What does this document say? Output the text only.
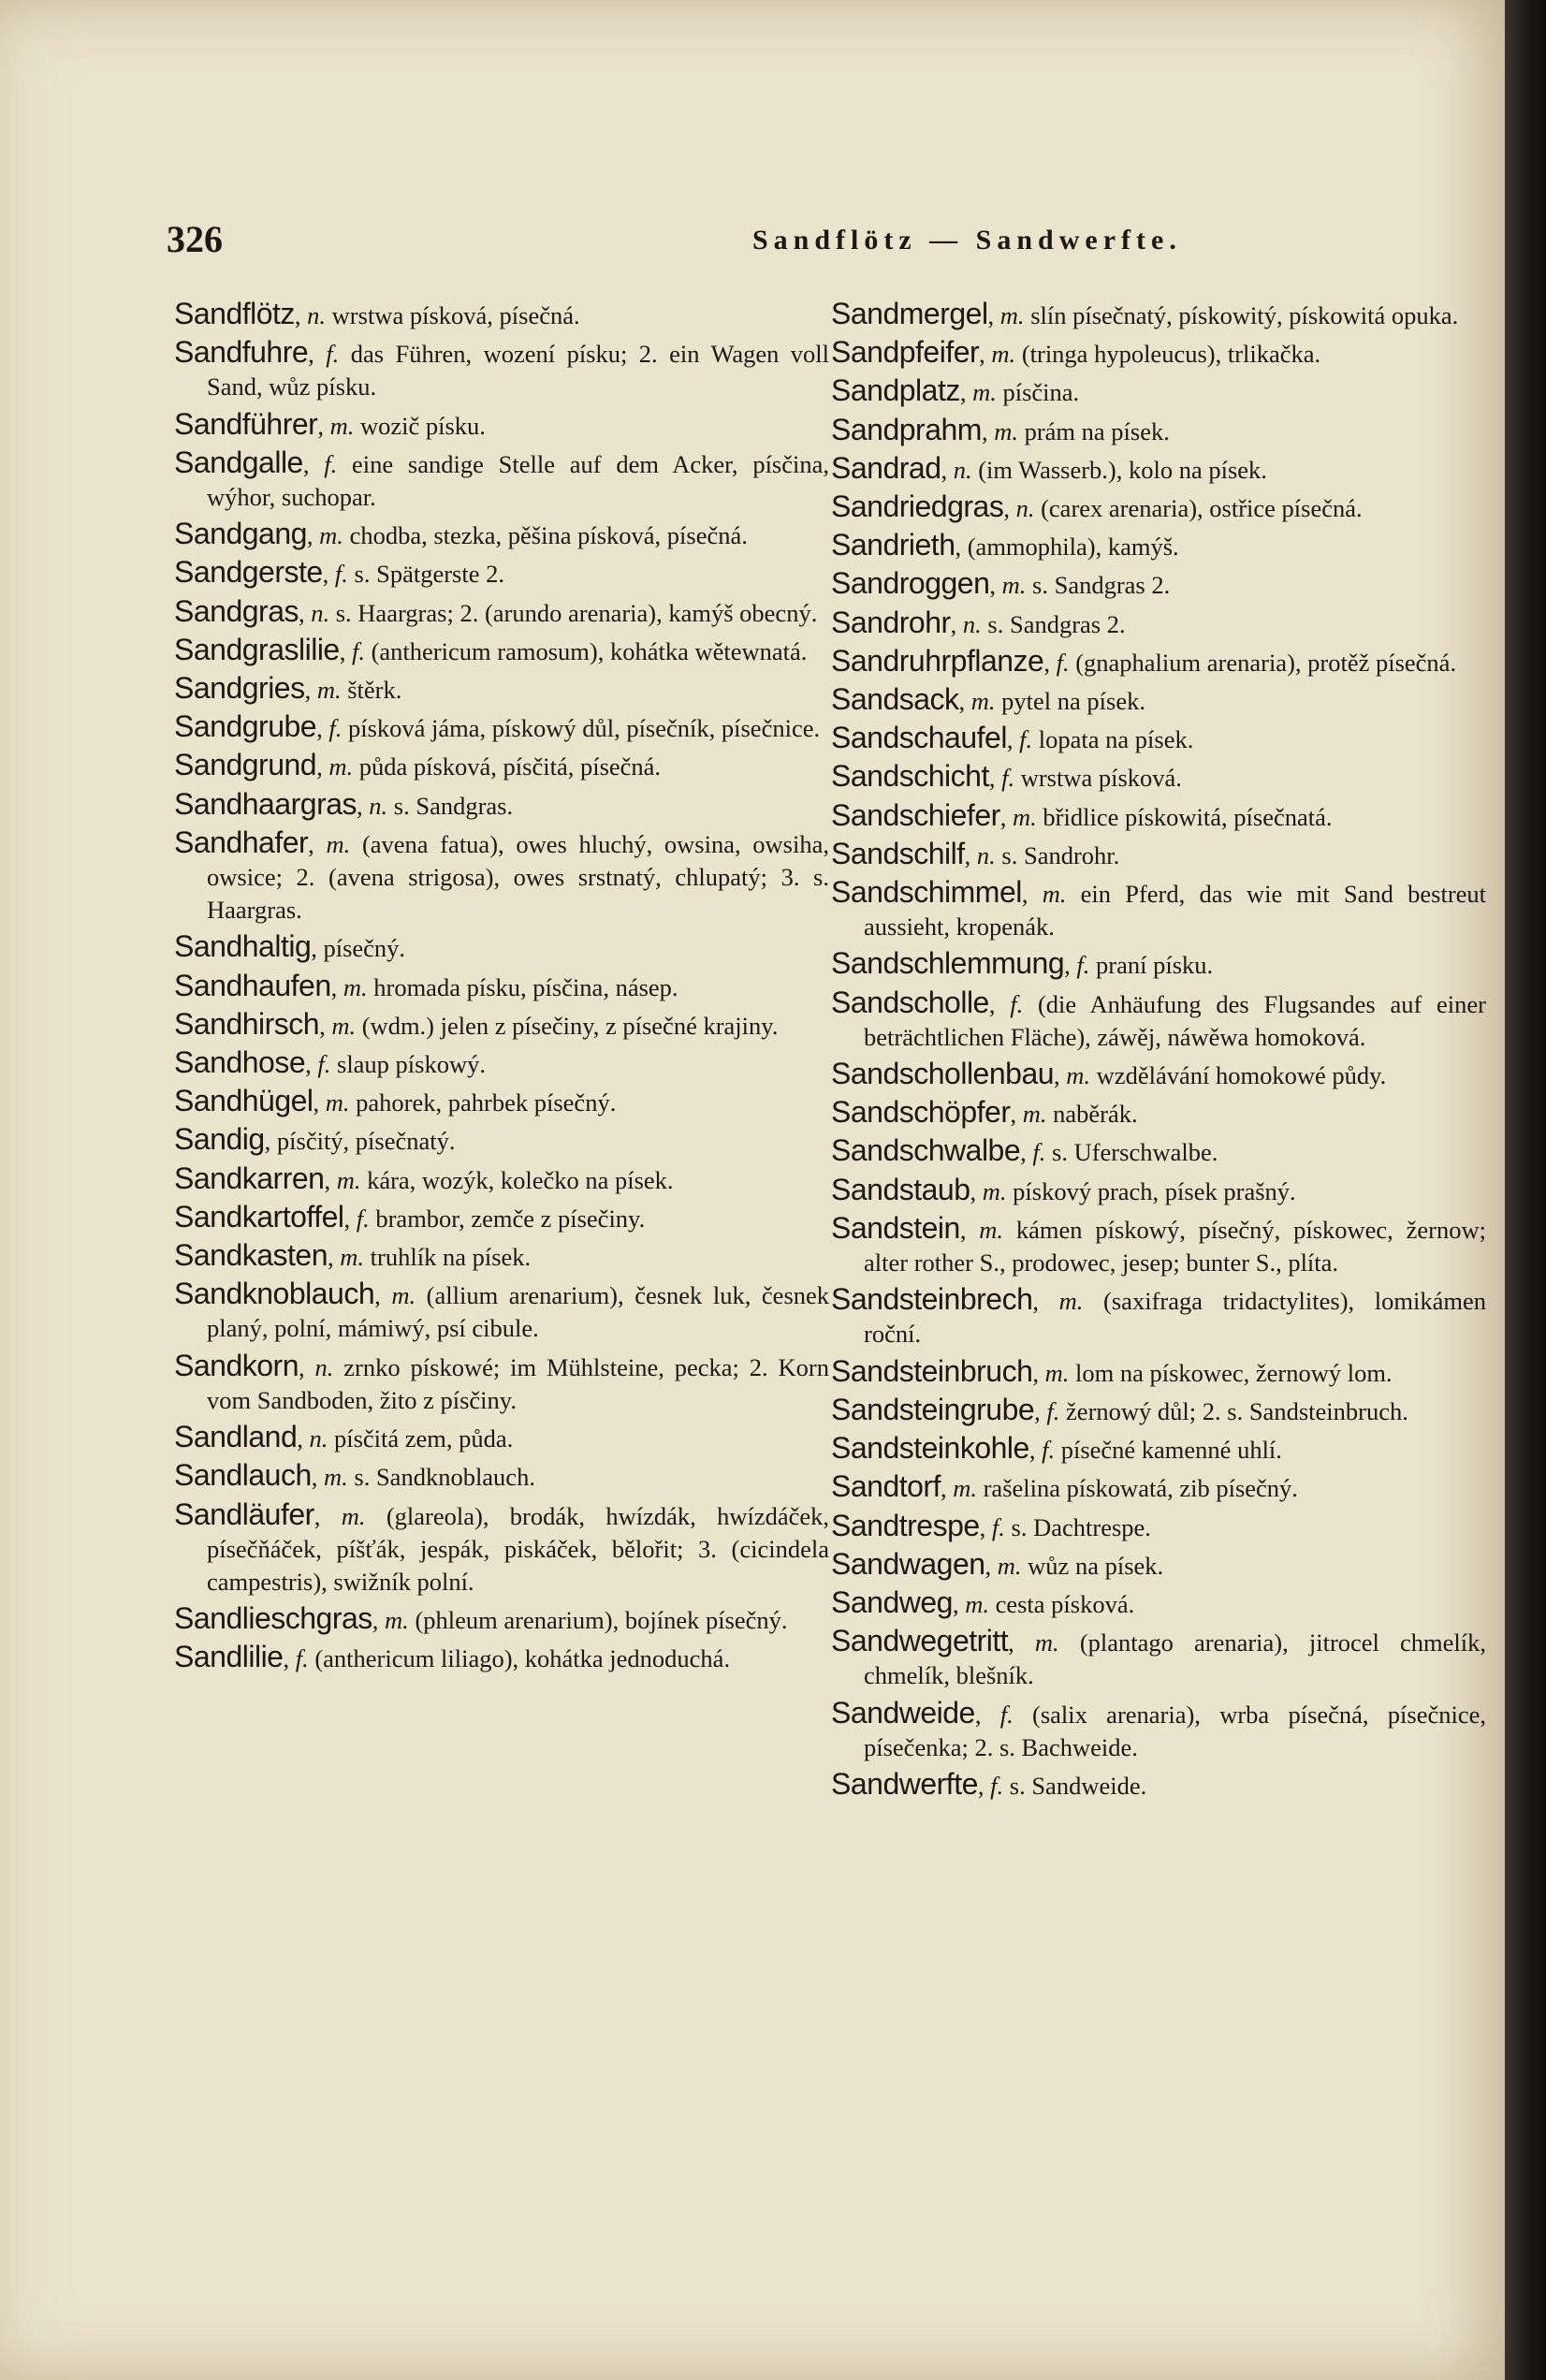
326	Sandflötz — Sandwerfte.
Sandflötz, n. wrstwa písková, písečná.
Sandfuhre, f. das Führen, wození písku; 2. ein Wagen voll Sand, wůz písku.
Sandführer, m. wozič písku.
Sandgalle, f. eine sandige Stelle auf dem Acker, písčina, wýhor, suchopar.
Sandgang, m. chodba, stezka, pěšina písková, písečná.
Sandgerste, f. s. Spätgerste 2.
Sandgras, n. s. Haargras; 2. (arundo arenaria), kamýš obecný.
Sandgraslilie, f. (anthericum ramosum), kohátka wětewnatá.
Sandgries, m. štěrk.
Sandgrube, f. písková jáma, pískowý důl, písečník, písečnice.
Sandgrund, m. půda písková, písčitá, písečná.
Sandhaargras, n. s. Sandgras.
Sandhafer, m. (avena fatua), owes hluchý, owsina, owsiha, owsice; 2. (avena strigosa), owes srstnatý, chlupatý; 3. s. Haargras.
Sandhaltig, písečný.
Sandhaufen, m. hromada písku, písčina, násep.
Sandhirsch, m. (wdm.) jelen z písečiny, z písečné krajiny.
Sandhose, f. slaup pískowý.
Sandhügel, m. pahorek, pahrbek písečný.
Sandig, písčitý, písečnatý.
Sandkarren, m. kára, wozýk, kolečko na písek.
Sandkartoffel, f. brambor, zemče z písečiny.
Sandkasten, m. truhlík na písek.
Sandknoblauch, m. (allium arenarium), česnek luk, česnek planý, polní, mámiwý, psí cibule.
Sandkorn, n. zrnko pískowé; im Mühlsteine, pecka; 2. Korn vom Sandboden, žito z písčiny.
Sandland, n. písčitá zem, půda.
Sandlauch, m. s. Sandknoblauch.
Sandläufer, m. (glareola), brodák, hwízdák, hwízdáček, písečňáček, píšťák, jespák, piskáček, bělořit; 3. (cicindela campestris), swižník polní.
Sandlieschgras, m. (phleum arenarium), bojínek písečný.
Sandlilie, f. (anthericum liliago), kohátka jednoduchá.
Sandmergel, m. slín písečnatý, pískowitý, pískowitá opuka.
Sandpfeifer, m. (tringa hypoleucus), trlikačka.
Sandplatz, m. písčina.
Sandprahm, m. prám na písek.
Sandrad, n. (im Wasserb.), kolo na písek.
Sandriedgras, n. (carex arenaria), ostřice písečná.
Sandrieth, (ammophila), kamýš.
Sandroggen, m. s. Sandgras 2.
Sandrohr, n. s. Sandgras 2.
Sandruhrpflanze, f. (gnaphalium arenaria), protěž písečná.
Sandsack, m. pytel na písek.
Sandschaufel, f. lopata na písek.
Sandschicht, f. wrstwa písková.
Sandschiefer, m. břidlice pískowitá, písečnatá.
Sandschilf, n. s. Sandrohr.
Sandschimmel, m. ein Pferd, das wie mit Sand bestreut aussieht, kropenák.
Sandschlemmung, f. praní písku.
Sandscholle, f. (die Anhäufung des Flugsandes auf einer beträchtlichen Fläche), záwěj, náwěwa homoková.
Sandschollenbau, m. wzdělávání homokowé půdy.
Sandschöpfer, m. naběrák.
Sandschwalbe, f. s. Uferschwalbe.
Sandstaub, m. pískový prach, písek prašný.
Sandstein, m. kámen pískowý, písečný, pískowec, žernow; alter rother S., prodowec, jesep; bunter S., plíta.
Sandsteinbrech, m. (saxifraga tridactylites), lomikámen roční.
Sandsteinbruch, m. lom na pískowec, žernowý lom.
Sandsteingrube, f. žernowý důl; 2. s. Sandsteinbruch.
Sandsteinkohle, f. písečné kamenné uhlí.
Sandtorf, m. rašelina pískowatá, zib písečný.
Sandtrespe, f. s. Dachtrespe.
Sandwagen, m. wůz na písek.
Sandweg, m. cesta písková.
Sandwegetritt, m. (plantago arenaria), jitrocel chmelík, chmelík, blešník.
Sandweide, f. (salix arenaria), wrba písečná, písečnice, písečenka; 2. s. Bachweide.
Sandwerfte, f. s. Sandweide.
